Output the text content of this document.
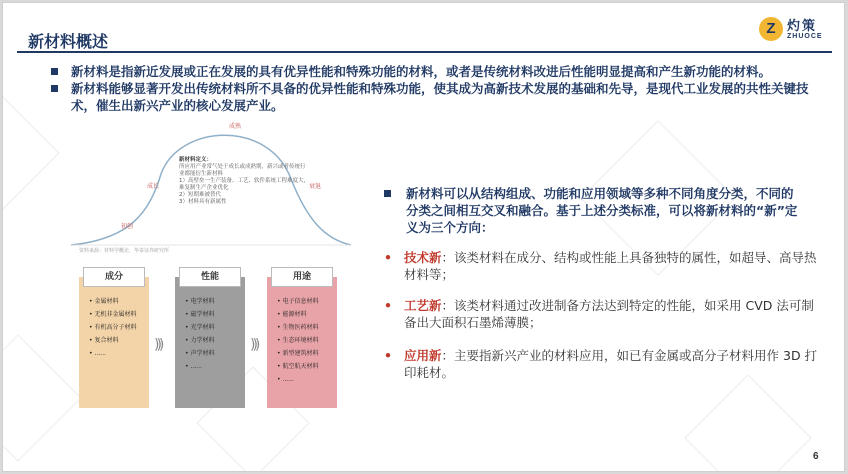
新材料概述
Z 灼策
ZHUOCE
新材料是指新近发展或正在发展的具有优异性能和特殊功能的材料，或者是传统材料改进后性能明显提高和产生新功能的材料。
新材料能够显著开发出传统材料所不具备的优异性能和特殊功能，使其成为高新技术发展的基础和先导，是现代工业发展的共性关键技术，催生出新兴产业的核心发展产业。
成熟
成长	衰退
初创
新材料定义：
所应用产业常气处于成长或成熟期，新兴或者传统行业都能衍生新材料
1）高壁垒一生产装备、工艺、软件系统工程难度大，难复制生产企业优化
2）短期难被替代
3）材料具有新属性
资料来源：材料学概论，华泰证券研究所
• 金属材料
• 无机非金属材料
• 有机高分子材料
• 复合材料
• ......
成分
)))
• 电学材料
• 磁学材料
• 光学材料
• 力学材料
• 声学材料
• ......
性能
)))
• 电子信息材料
• 能源材料
• 生物医药材料
• 生态环境材料
• 新型建筑材料
• 航空航天材料
• ......
用途
新材料可以从结构组成、功能和应用领域等多种不同角度分类，不同的分类之间相互交叉和融合。基于上述分类标准，可以将新材料的“新”定义为三个方向：
• 技术新：该类材料在成分、结构或性能上具备独特的属性，如超导、高导热材料等；
• 工艺新：该类材料通过改进制备方法达到特定的性能，如采用 CVD 法可制备出大面积石墨烯薄膜；
• 应用新：主要指新兴产业的材料应用，如已有金属或高分子材料用作 3D 打印耗材。
6
